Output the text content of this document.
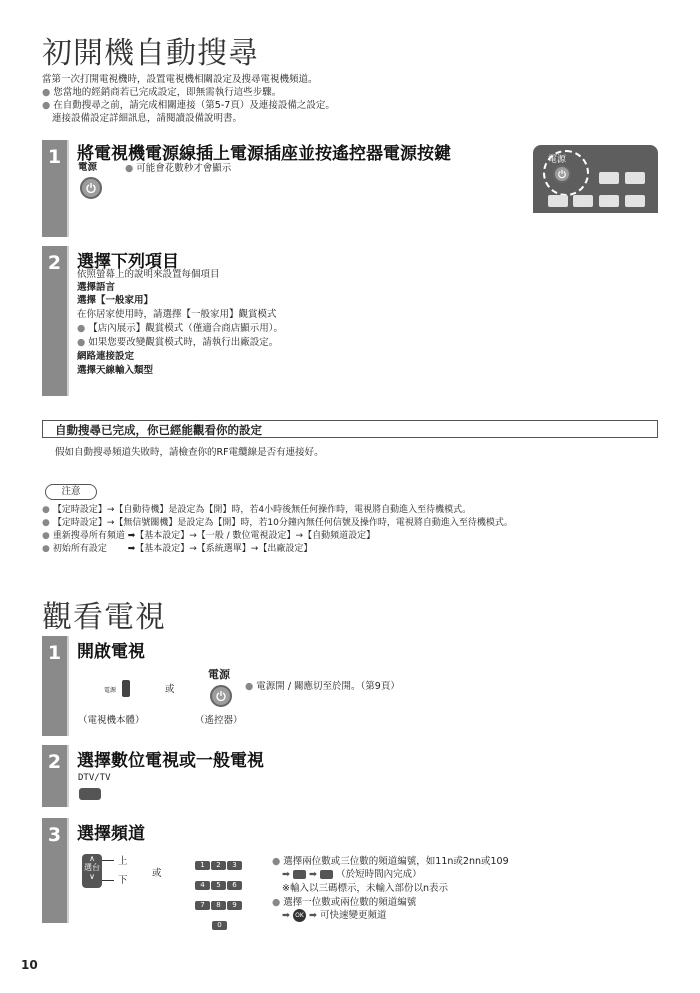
初開機自動搜尋
當第一次打開電視機時，設置電視機相關設定及搜尋電視機頻道。
● 您當地的經銷商若已完成設定，即無需執行這些步驟。
● 在自動搜尋之前，請完成相關連接（第5-7頁）及連接設備之設定。
連接設備設定詳細訊息，請閱讀設備說明書。
1 將電視機電源線插上電源插座並按遙控器電源按鍵
電源	● 可能會花數秒才會顯示
電源
2 選擇下列項目
依照螢幕上的說明來設置每個項目
選擇語言
選擇【一般家用】
在你居家使用時，請選擇【一般家用】觀賞模式
● 【店內展示】觀賞模式（僅適合商店顯示用）。
● 如果您要改變觀賞模式時，請執行出廠設定。
網路連接設定
選擇天線輸入類型
自動搜尋已完成，你已經能觀看你的設定
假如自動搜尋頻道失敗時，請檢查你的RF電纜線是否有連接好。
注意
● 【定時設定】→【自動待機】是設定為【開】時，若4小時後無任何操作時，電視將自動進入至待機模式。
● 【定時設定】→【無信號關機】是設定為【開】時，若10分鐘內無任何信號及操作時，電視將自動進入至待機模式。
● 重新搜尋所有頻道 ➡【基本設定】→【一般 / 數位電視設定】→【自動頻道設定】
● 初始所有設定 　　➡【基本設定】→【系統選單】→【出廠設定】
觀看電視
1 開啟電視
電源	或
電源
● 電源開 / 關應切至於開。（第9頁）
（電視機本體）	（遙控器）
2 選擇數位電視或一般電視
DTV/TV
3 選擇頻道
∧
選台
∨
上
下
或
1 2 3
4 5 6
7 8 9
0
● 選擇兩位數或三位數的頻道編號，如11n或2nn或109
➡ ➡ （於短時間內完成）
※輸入以三碼標示，未輸入部份以n表示
● 選擇一位數或兩位數的頻道編號
➡ OK ➡ 可快速變更頻道
10
